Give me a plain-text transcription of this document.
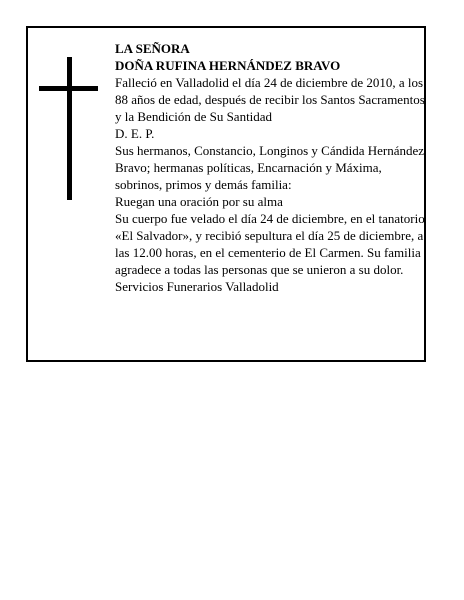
LA SEÑORA

DOÑA RUFINA HERNÁNDEZ BRAVO

Falleció en Valladolid el día 24 de diciembre de 2010, a los 88 años de edad, después de recibir los Santos Sacramentos y la Bendición de Su Santidad

D. E. P.

Sus hermanos, Constancio, Longinos y Cándida Hernández Bravo; hermanas políticas, Encarnación y Máxima, sobrinos, primos y demás familia:

Ruegan una oración por su alma

Su cuerpo fue velado el día 24 de diciembre, en el tanatorio «El Salvador», y recibió sepultura el día 25 de diciembre, a las 12.00 horas, en el cementerio de El Carmen. Su familia agradece a todas las personas que se unieron a su dolor.

Servicios Funerarios Valladolid
